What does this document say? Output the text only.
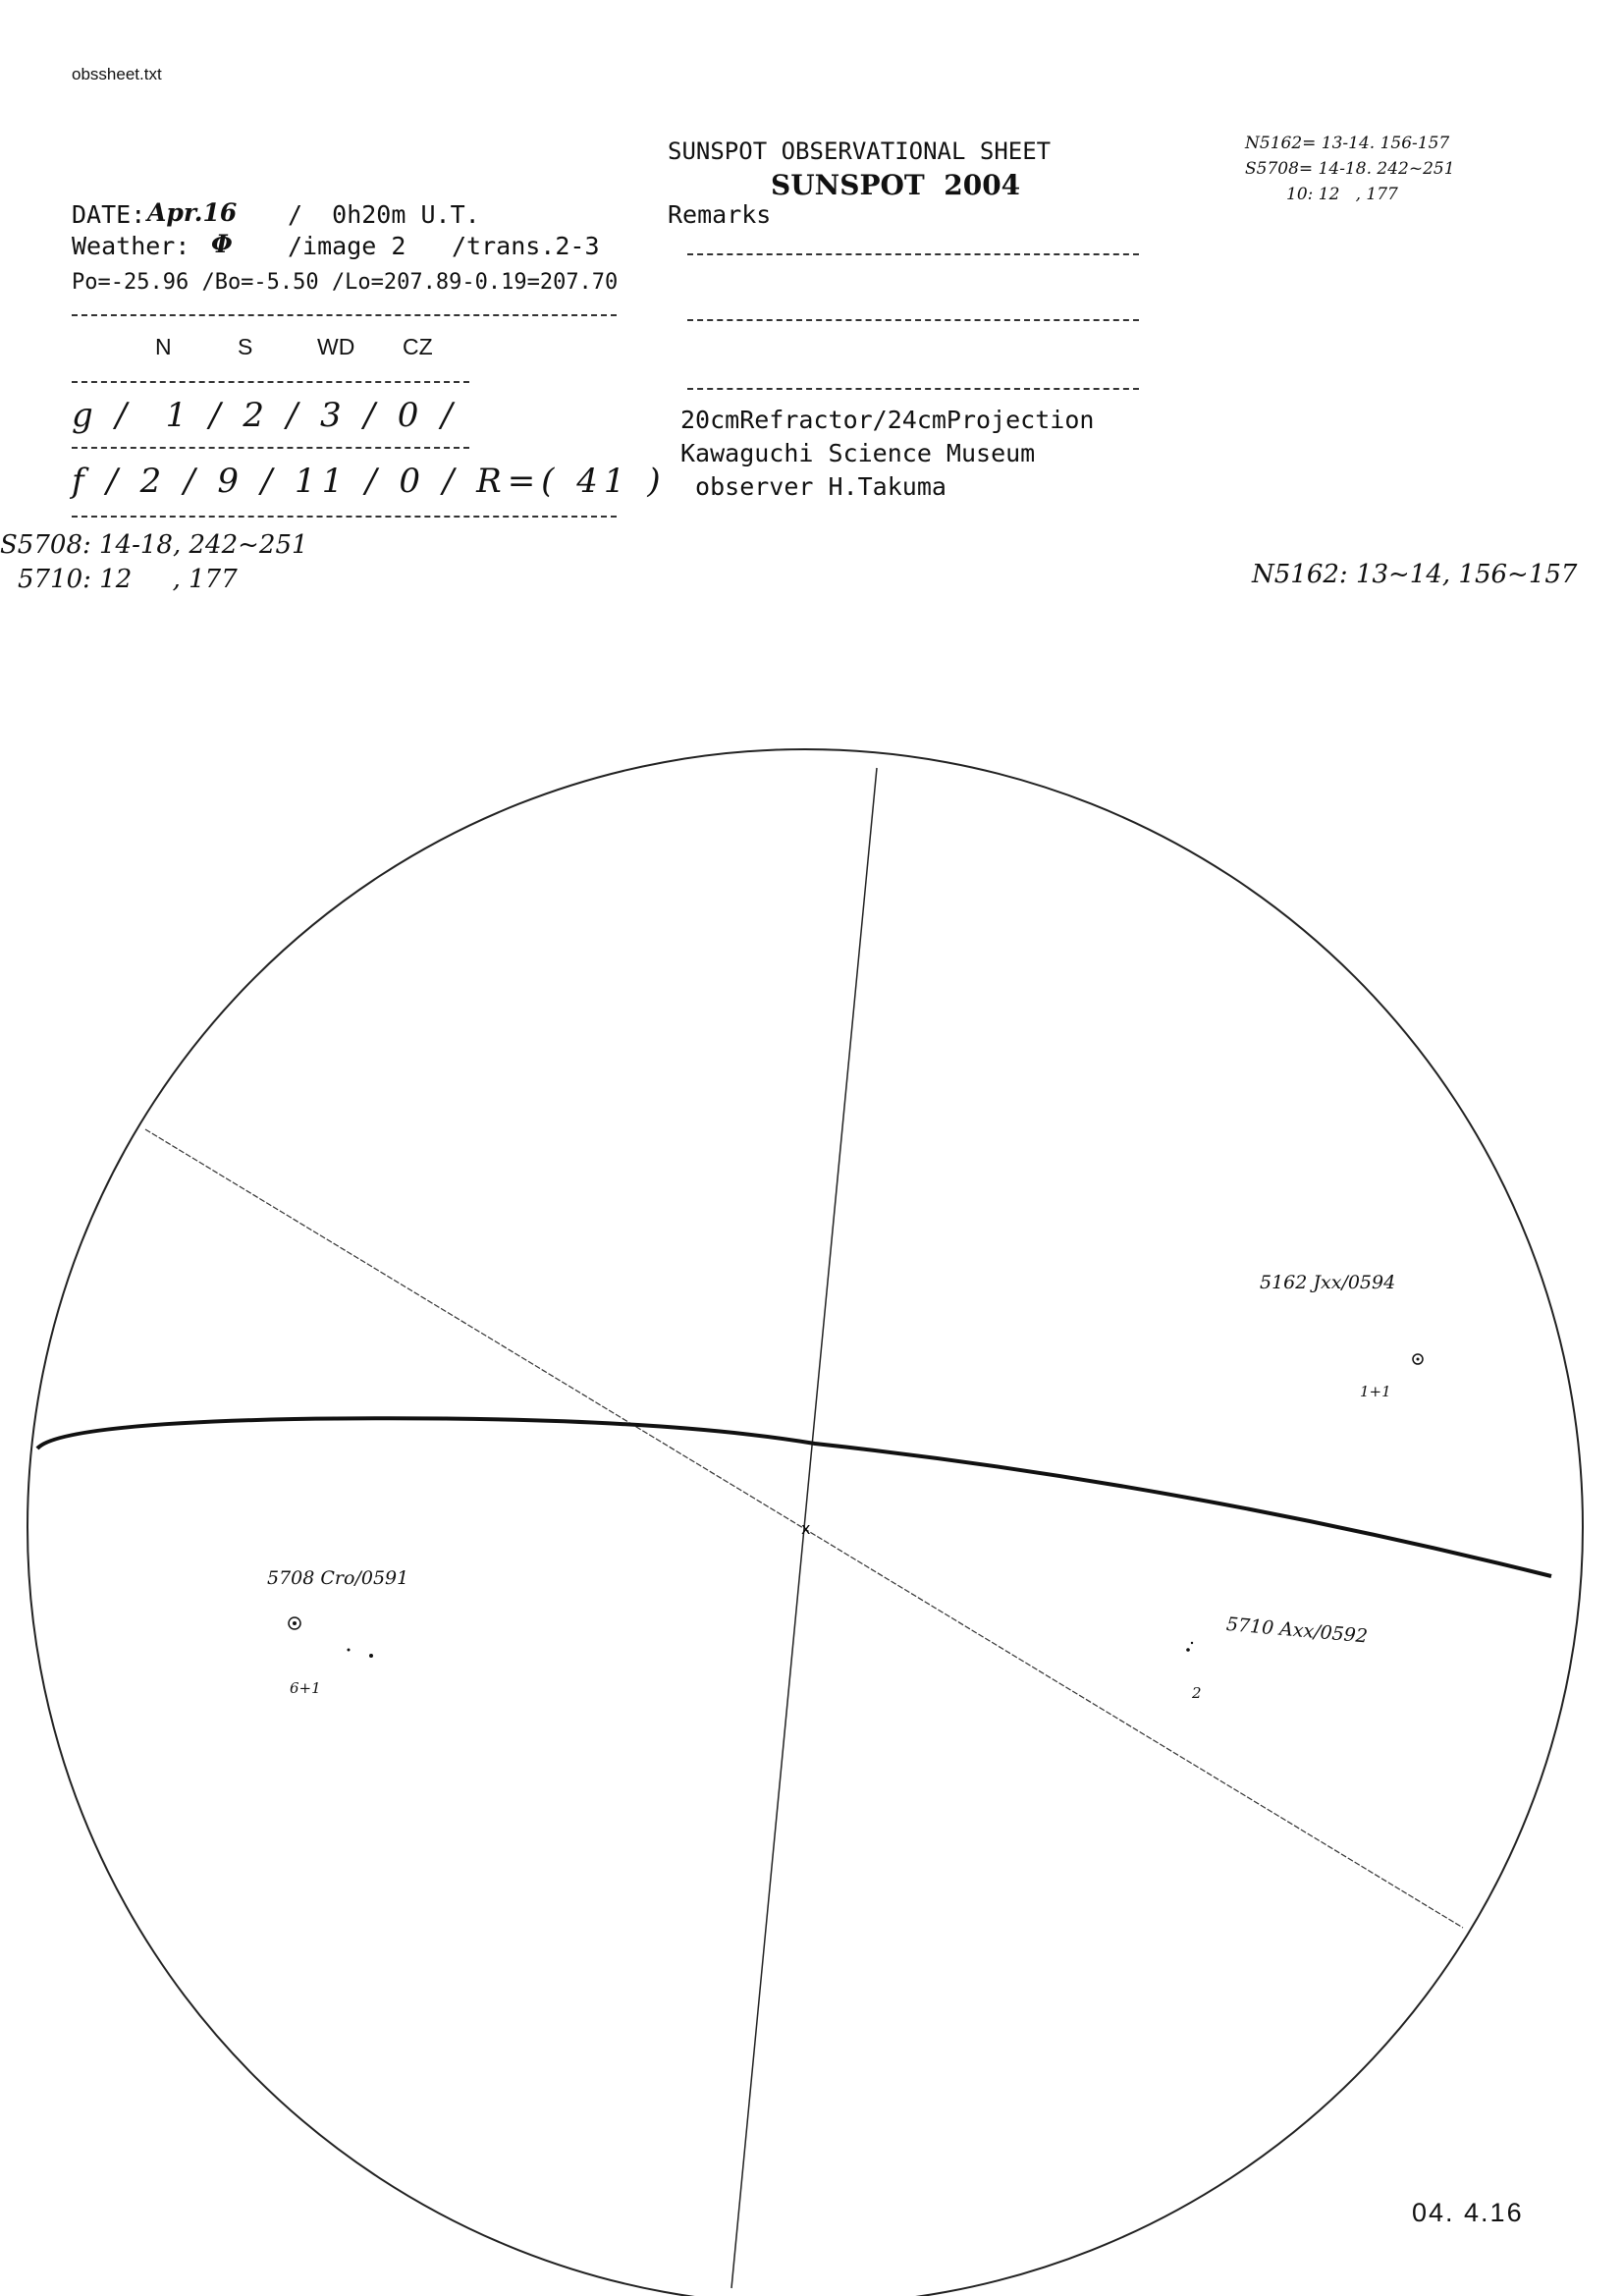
obssheet.txt
SUNSPOT OBSERVATIONAL SHEET
SUNSPOT  2004
Remarks
N5162= 13-14. 156-157
S5708= 14-18. 242~251
10: 12   , 177
DATE: Apr.16 /  0h20m U.T.
Weather: Φ /image 2 /trans.2-3
Po=-25.96 /Bo=-5.50 /Lo=207.89-0.19=207.70
N	S	WD CZ
g /  1 / 2 / 3 / 0 /
f / 2 / 9 / 11 / 0 / R=( 41 )
20cmRefractor/24cmProjection
Kawaguchi Science Museum
observer H.Takuma
S5708: 14-18, 242~251
5710: 12     , 177	N5162: 13~14, 156~157
x
5162 Jxx/0594
1+1
5708 Cro/0591
6+1
5710 Axx/0592
2
04. 4.16
